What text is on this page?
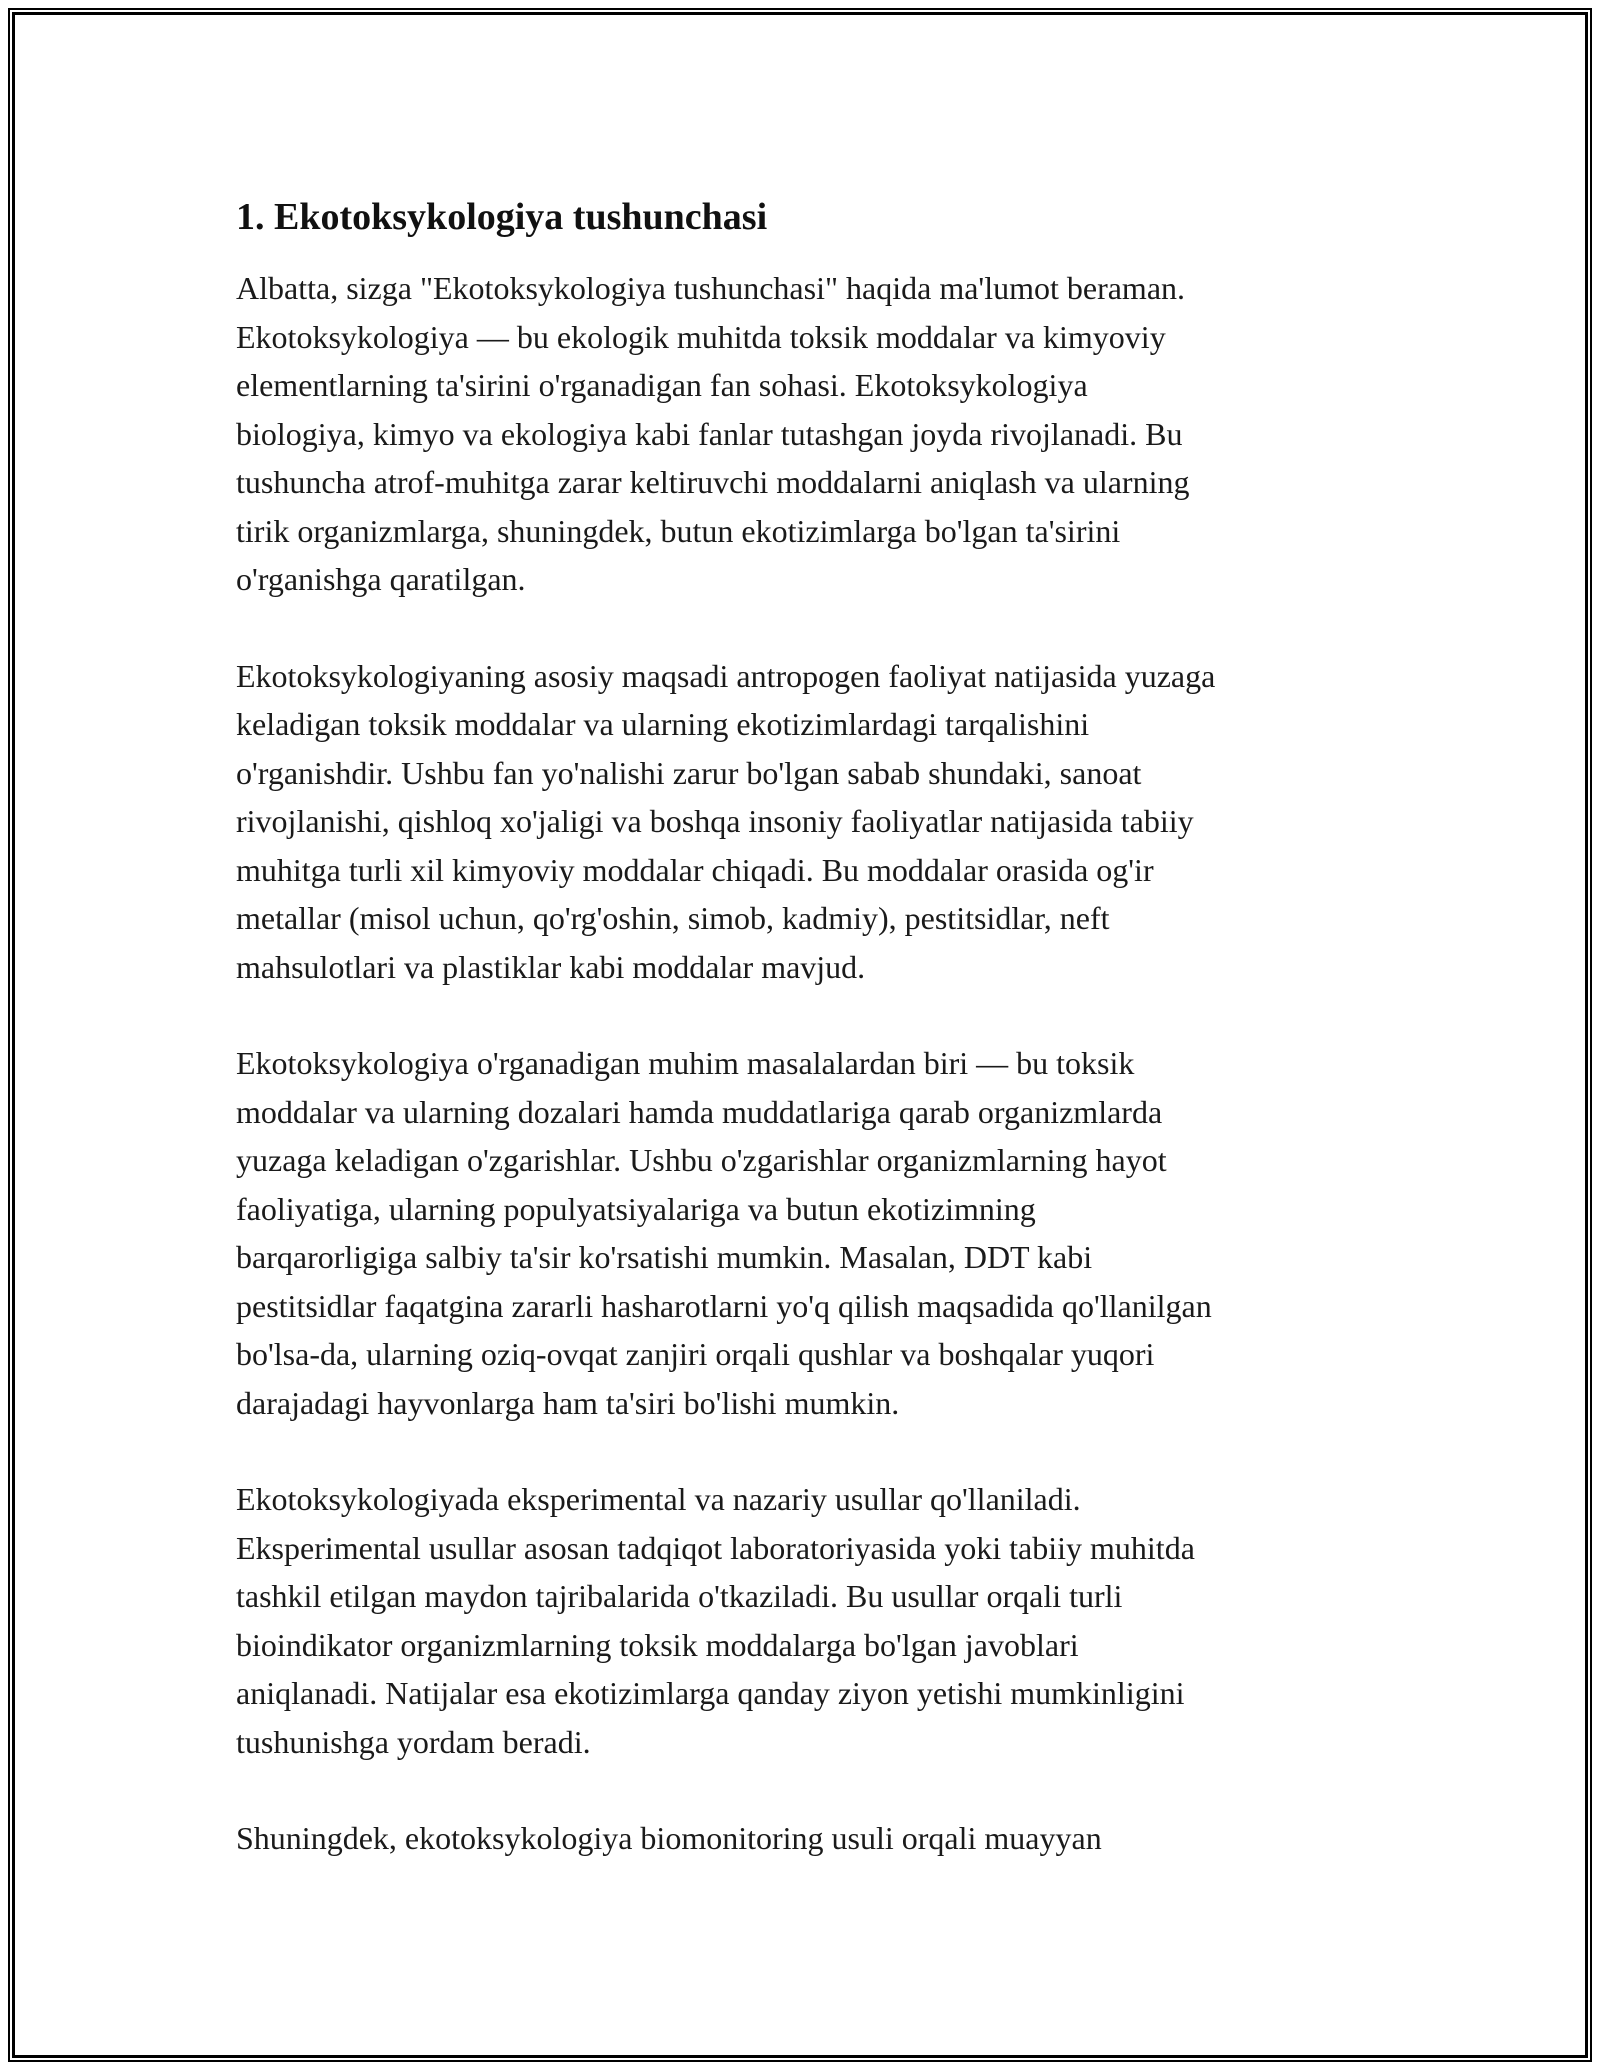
1. Ekotoksykologiya tushunchasi

Albatta, sizga "Ekotoksykologiya tushunchasi" haqida ma'lumot beraman.
Ekotoksykologiya — bu ekologik muhitda toksik moddalar va kimyoviy
elementlarning ta'sirini o'rganadigan fan sohasi. Ekotoksykologiya
biologiya, kimyo va ekologiya kabi fanlar tutashgan joyda rivojlanadi. Bu
tushuncha atrof-muhitga zarar keltiruvchi moddalarni aniqlash va ularning
tirik organizmlarga, shuningdek, butun ekotizimlarga bo'lgan ta'sirini
o'rganishga qaratilgan.

Ekotoksykologiyaning asosiy maqsadi antropogen faoliyat natijasida yuzaga
keladigan toksik moddalar va ularning ekotizimlardagi tarqalishini
o'rganishdir. Ushbu fan yo'nalishi zarur bo'lgan sabab shundaki, sanoat
rivojlanishi, qishloq xo'jaligi va boshqa insoniy faoliyatlar natijasida tabiiy
muhitga turli xil kimyoviy moddalar chiqadi. Bu moddalar orasida og'ir
metallar (misol uchun, qo'rg'oshin, simob, kadmiy), pestitsidlar, neft
mahsulotlari va plastiklar kabi moddalar mavjud.

Ekotoksykologiya o'rganadigan muhim masalalardan biri — bu toksik
moddalar va ularning dozalari hamda muddatlariga qarab organizmlarda
yuzaga keladigan o'zgarishlar. Ushbu o'zgarishlar organizmlarning hayot
faoliyatiga, ularning populyatsiyalariga va butun ekotizimning
barqarorligiga salbiy ta'sir ko'rsatishi mumkin. Masalan, DDT kabi
pestitsidlar faqatgina zararli hasharotlarni yo'q qilish maqsadida qo'llanilgan
bo'lsa-da, ularning oziq-ovqat zanjiri orqali qushlar va boshqalar yuqori
darajadagi hayvonlarga ham ta'siri bo'lishi mumkin.

Ekotoksykologiyada eksperimental va nazariy usullar qo'llaniladi.
Eksperimental usullar asosan tadqiqot laboratoriyasida yoki tabiiy muhitda
tashkil etilgan maydon tajribalarida o'tkaziladi. Bu usullar orqali turli
bioindikator organizmlarning toksik moddalarga bo'lgan javoblari
aniqlanadi. Natijalar esa ekotizimlarga qanday ziyon yetishi mumkinligini
tushunishga yordam beradi.

Shuningdek, ekotoksykologiya biomonitoring usuli orqali muayyan
